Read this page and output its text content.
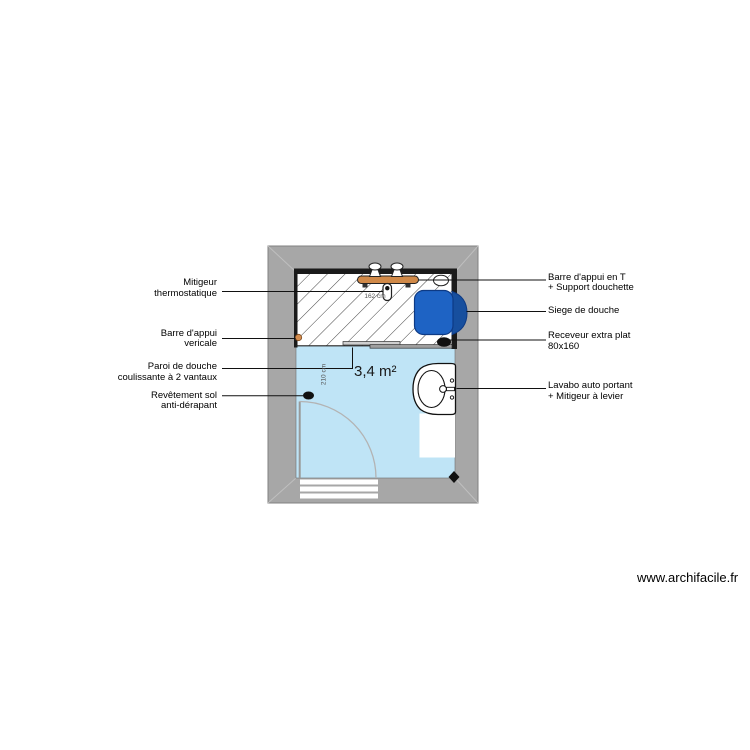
Mitigeur
thermostatique
Barre d'appui
vericale
Paroi de douche
coulissante à 2 vantaux
Revêtement sol
anti-dérapant
Barre d'appui en T
+ Support douchette
Siege de douche
Receveur extra plat
80x160
Lavabo auto portant
+ Mitigeur à levier
3,4 m²
162 cm
210 cm
www.archifacile.fr
